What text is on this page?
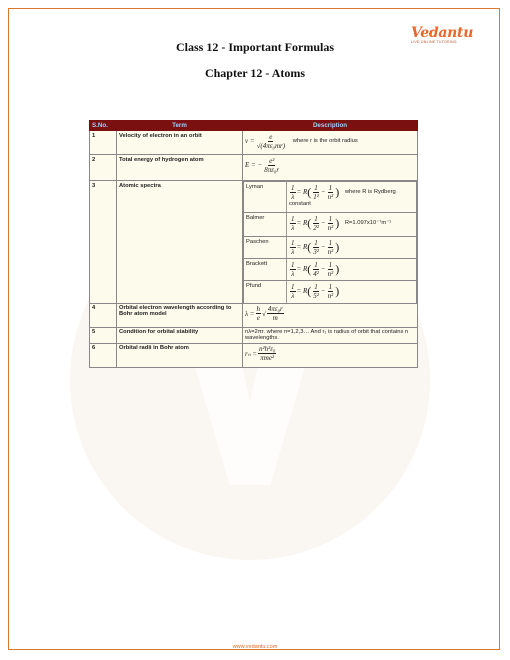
Vedantu
LIVE ONLINE TUTORING
Class 12 - Important Formulas
Chapter 12 - Atoms
S.No.	Term	Description
1	Velocity of electron in an orbit	$v = \frac{e}{\text{√(4πε₀mr)}}$ where r is the orbit radius
2	Total energy of hydrogen atom	E = − $\frac{\text{e²}}{\text{8πε₀r}}$

3	Atomic spectra		Lyman	$\frac{1}{\lambda} = R$ ( $\frac{1}{\text{1²}} - \frac{1}{\text{n²}}$ ) where R is Rydberg constant
Balmer	$\frac{1}{\lambda} = R$ ( $\frac{1}{\text{2²}} - \frac{1}{\text{n²}}$ ) R=1.097x10⁻⁷m⁻¹
Paschen	$\frac{1}{\lambda} = R$ ( $\frac{1}{\text{3²}} - \frac{1}{\text{n²}}$ )

Brackett	$\frac{1}{\lambda} = R$ ( $\frac{1}{\text{4²}} - \frac{1}{\text{n²}}$ )

Pfund	$\frac{1}{\lambda} = R$ ( $\frac{1}{\text{5²}} - \frac{1}{\text{n²}}$ )

4	Orbital electron wavelength according to Bohr atom model	$\lambda = \frac{h}{e}$ √ $\frac{\text{4πε₀r}}{m}$

5	Condition for orbital stability	nλ=2πr. where n=1,2,3… And r₁ is radius of orbit that contains n wavelengths.
6	Orbital radii in Bohr atom	$r_n = \frac{\text{n²h²ε₀}}{\text{πme²}}$
www.vedantu.com
